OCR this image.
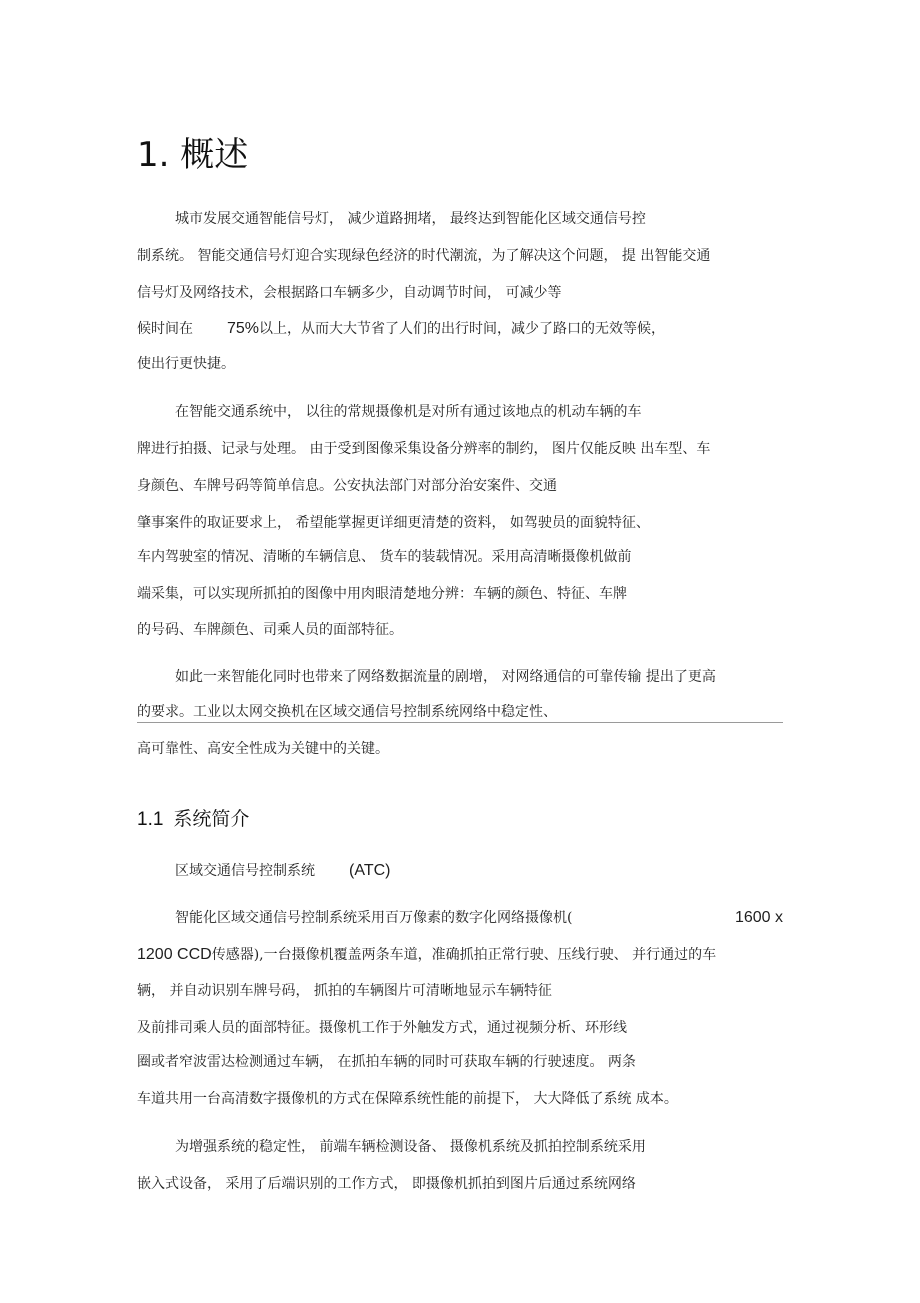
1. 概述
城市发展交通智能信号灯， 减少道路拥堵， 最终达到智能化区域交通信号控
制系统。 智能交通信号灯迎合实现绿色经济的时代潮流，为了解决这个问题， 提 出智能交通
信号灯及网络技术，会根据路口车辆多少，自动调节时间， 可减少等
候时间在 75%以上，从而大大节省了人们的出行时间，减少了路口的无效等候，
使出行更快捷。
在智能交通系统中， 以往的常规摄像机是对所有通过该地点的机动车辆的车
牌进行拍摄、记录与处理。 由于受到图像采集设备分辨率的制约， 图片仅能反映 出车型、车
身颜色、车牌号码等简单信息。公安执法部门对部分治安案件、交通
肇事案件的取证要求上， 希望能掌握更详细更清楚的资料， 如驾驶员的面貌特征、
车内驾驶室的情况、清晰的车辆信息、 货车的装载情况。采用高清晰摄像机做前
端采集，可以实现所抓拍的图像中用肉眼清楚地分辨：车辆的颜色、特征、车牌
的号码、车牌颜色、司乘人员的面部特征。
如此一来智能化同时也带来了网络数据流量的剧增， 对网络通信的可靠传输 提出了更高
的要求。工业以太网交换机在区域交通信号控制系统网络中稳定性、
高可靠性、高安全性成为关键中的关键。
1.1 系统简介
区域交通信号控制系统 (ATC)
智能化区域交通信号控制系统采用百万像素的数字化网络摄像机(	1600 x
1200 CCD传感器),一台摄像机覆盖两条车道，准确抓拍正常行驶、压线行驶、 并行通过的车
辆， 并自动识别车牌号码， 抓拍的车辆图片可清晰地显示车辆特征
及前排司乘人员的面部特征。摄像机工作于外触发方式，通过视频分析、环形线
圈或者窄波雷达检测通过车辆， 在抓拍车辆的同时可获取车辆的行驶速度。 两条
车道共用一台高清数字摄像机的方式在保障系统性能的前提下， 大大降低了系统 成本。
为增强系统的稳定性， 前端车辆检测设备、 摄像机系统及抓拍控制系统采用
嵌入式设备， 采用了后端识别的工作方式， 即摄像机抓拍到图片后通过系统网络
